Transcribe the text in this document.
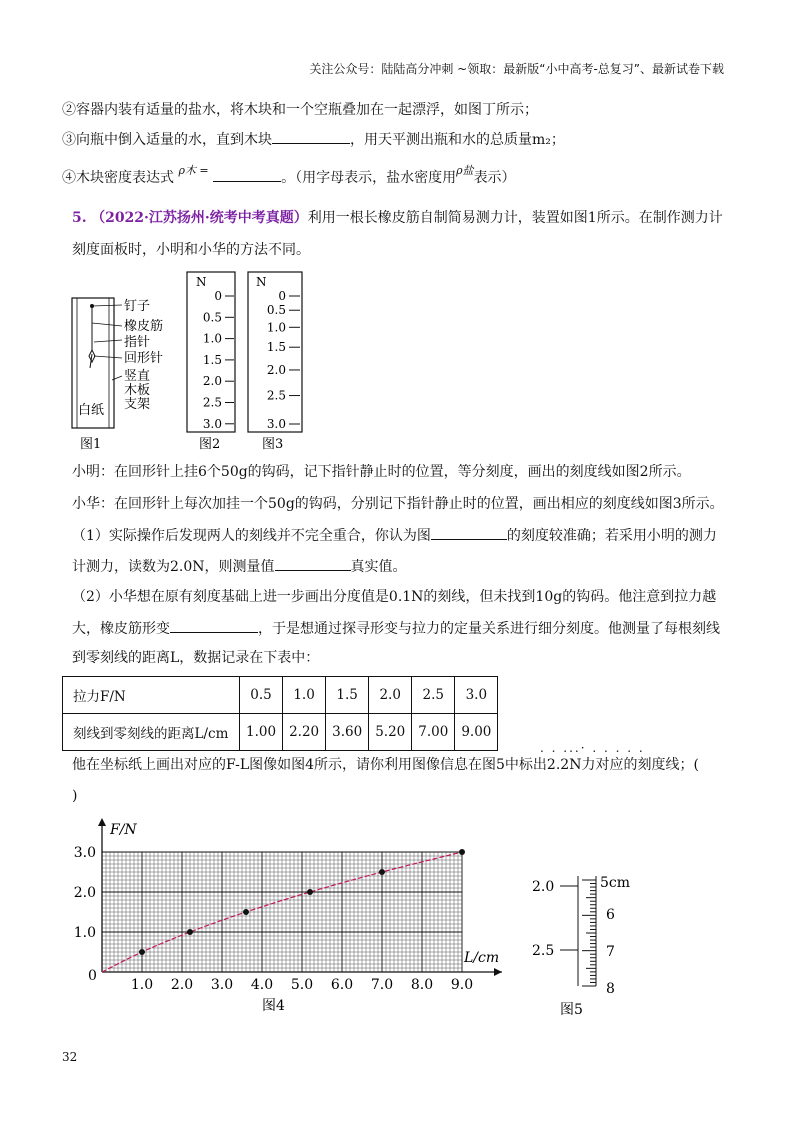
关注公众号：陆陆高分冲刺 ~领取：最新版“小中高考-总复习”、最新试卷下载
②容器内装有适量的盐水，将木块和一个空瓶叠加在一起漂浮，如图丁所示；
③向瓶中倒入适量的水，直到木块	，用天平测出瓶和水的总质量m₂；
④木块密度表达式 $^{\rho 木 =}$	。（用字母表示，盐水密度用$^{\rho 盐}$表示）
5. （2022·江苏扬州·统考中考真题）利用一根长橡皮筋自制简易测力计，装置如图1所示。在制作测力计
刻度面板时，小明和小华的方法不同。
钉子
橡皮筋
指针
回形针
竖直
木板
支架
白纸
图1
N
0
0.5
1.0
1.5
2.0
2.5
3.0
图2
N
0
0.5
1.0
1.5
2.0
2.5
3.0
图3
小明：在回形针上挂6个50g的钩码，记下指针静止时的位置，等分刻度，画出的刻度线如图2所示。
小华：在回形针上每次加挂一个50g的钩码，分别记下指针静止时的位置，画出相应的刻度线如图3所示。
（1）实际操作后发现两人的刻线并不完全重合，你认为图	的刻度较准确；若采用小明的测力
计测力，读数为2.0N，则测量值	真实值。
（2）小华想在原有刻度基础上进一步画出分度值是0.1N的刻线，但未找到10g的钩码。他注意到拉力越
大，橡皮筋形变	，于是想通过探寻形变与拉力的定量关系进行细分刻度。他测量了每根刻线
到零刻线的距离L，数据记录在下表中：
拉力F/N	0.5	1.0	1.5	2.0	2.5	3.0
刻线到零刻线的距离L/cm	1.00	2.20	3.60	5.20	7.00	9.00
. . ...· . . . . .
他在坐标纸上画出对应的F-L图像如图4所示，请你利用图像信息在图5中标出2.2N力对应的刻度线；(
)
F/N
L/cm
0
1.0 2.0 3.0 4.0 5.0 6.0 7.0 8.0 9.0
1.0
2.0
3.0
图4
2.0
2.5
5cm
6
7
8
图5
32
